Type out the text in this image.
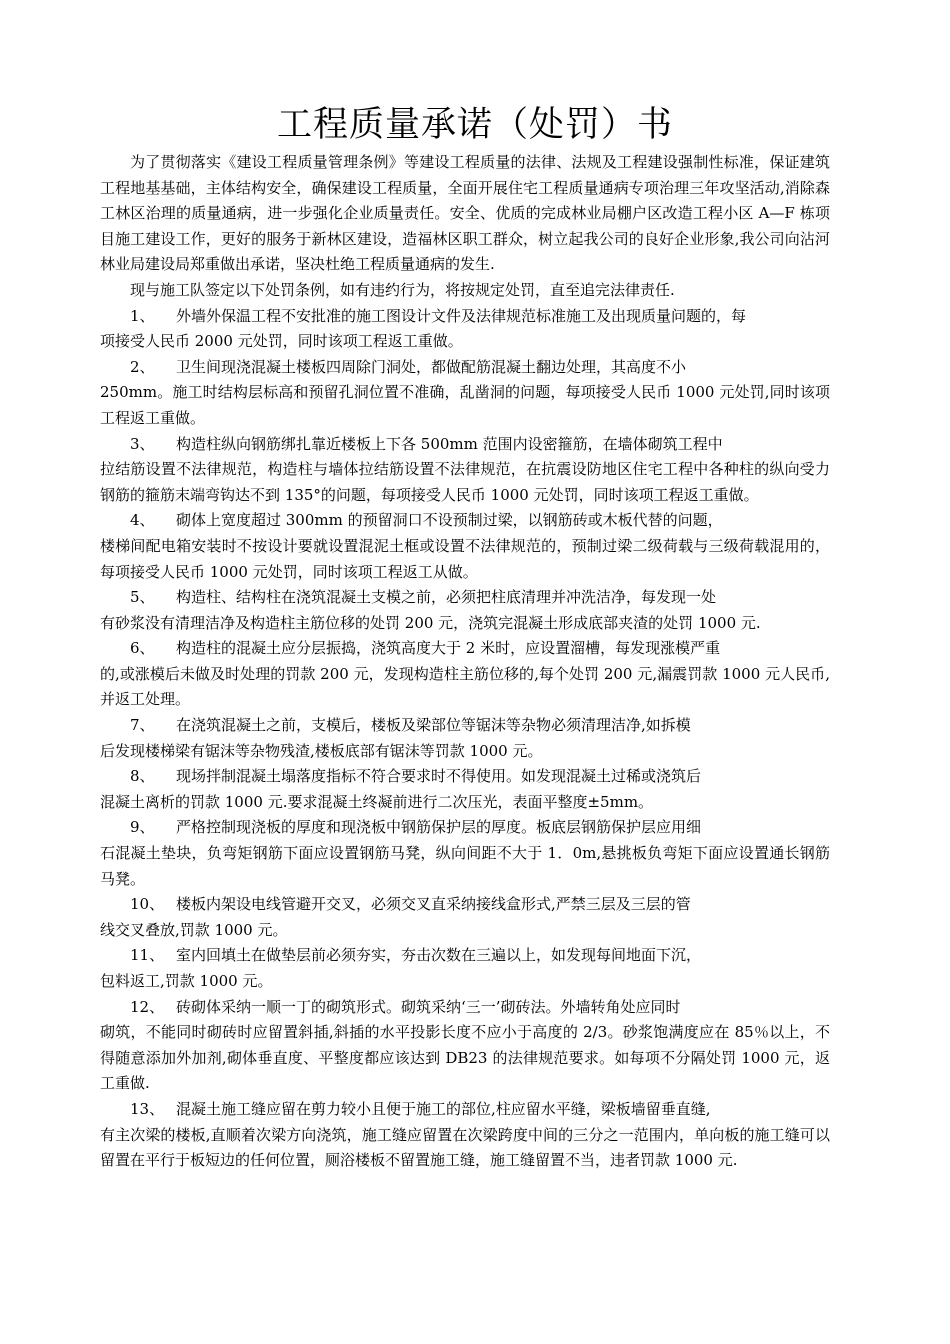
工程质量承诺（处罚）书

为了贯彻落实《建设工程质量管理条例》等建设工程质量的法律、法规及工程建设强制性标准，保证建筑工程地基基础，主体结构安全，确保建设工程质量，全面开展住宅工程质量通病专项治理三年攻坚活动,消除森工林区治理的质量通病，进一步强化企业质量责任。安全、优质的完成林业局棚户区改造工程小区 A—F 栋项目施工建设工作，更好的服务于新林区建设，造福林区职工群众，树立起我公司的良好企业形象,我公司向沾河林业局建设局郑重做出承诺，坚决杜绝工程质量通病的发生.

现与施工队签定以下处罚条例，如有违约行为，将按规定处罚，直至追完法律责任.

1、 外墙外保温工程不安批准的施工图设计文件及法律规范标准施工及出现质量问题的，每

项接受人民币 2000 元处罚，同时该项工程返工重做。

2、 卫生间现浇混凝土楼板四周除门洞处，都做配筋混凝土翻边处理，其高度不小

250mm。施工时结构层标高和预留孔洞位置不准确，乱凿洞的问题，每项接受人民币 1000 元处罚,同时该项工程返工重做。

3、 构造柱纵向钢筋绑扎靠近楼板上下各 500mm 范围内设密箍筋，在墙体砌筑工程中

拉结筋设置不法律规范，构造柱与墙体拉结筋设置不法律规范，在抗震设防地区住宅工程中各种柱的纵向受力钢筋的箍筋末端弯钩达不到 135°的问题，每项接受人民币 1000 元处罚，同时该项工程返工重做。

4、 砌体上宽度超过 300mm 的预留洞口不设预制过梁，以钢筋砖或木板代替的问题，

楼梯间配电箱安装时不按设计要就设置混泥土框或设置不法律规范的，预制过梁二级荷载与三级荷载混用的，每项接受人民币 1000 元处罚，同时该项工程返工从做。

5、 构造柱、结构柱在浇筑混凝土支模之前，必须把柱底清理并冲洗洁净，每发现一处

有砂浆没有清理洁净及构造柱主筋位移的处罚 200 元，浇筑完混凝土形成底部夹渣的处罚 1000 元.

6、 构造柱的混凝土应分层振捣，浇筑高度大于 2 米时，应设置溜槽，每发现涨模严重

的,或涨模后未做及时处理的罚款 200 元，发现构造柱主筋位移的,每个处罚 200 元,漏震罚款 1000 元人民币,并返工处理。

7、 在浇筑混凝土之前，支模后，楼板及梁部位等锯沫等杂物必须清理洁净,如拆模

后发现楼梯梁有锯沫等杂物残渣,楼板底部有锯沫等罚款 1000 元。

8、 现场拌制混凝土塌落度指标不符合要求时不得使用。如发现混凝土过稀或浇筑后

混凝土离析的罚款 1000 元.要求混凝土终凝前进行二次压光，表面平整度±5mm。

9、 严格控制现浇板的厚度和现浇板中钢筋保护层的厚度。板底层钢筋保护层应用细

石混凝土垫块，负弯矩钢筋下面应设置钢筋马凳，纵向间距不大于 1．0m,悬挑板负弯矩下面应设置通长钢筋马凳。

10、 楼板内架设电线管避开交叉，必须交叉直采纳接线盒形式,严禁三层及三层的管

线交叉叠放,罚款 1000 元。

11、 室内回填土在做垫层前必须夯实，夯击次数在三遍以上，如发现每间地面下沉，

包料返工,罚款 1000 元。

12、 砖砌体采纳一顺一丁的砌筑形式。砌筑采纳‘三一’砌砖法。外墙转角处应同时

砌筑，不能同时砌砖时应留置斜插,斜插的水平投影长度不应小于高度的 2/3。砂浆饱满度应在 85％以上，不得随意添加外加剂,砌体垂直度、平整度都应该达到 DB23 的法律规范要求。如每项不分隔处罚 1000 元，返工重做.

13、 混凝土施工缝应留在剪力较小且便于施工的部位,柱应留水平缝，梁板墙留垂直缝,

有主次梁的楼板,直顺着次梁方向浇筑，施工缝应留置在次梁跨度中间的三分之一范围内，单向板的施工缝可以留置在平行于板短边的任何位置，厕浴楼板不留置施工缝，施工缝留置不当，违者罚款 1000 元.
